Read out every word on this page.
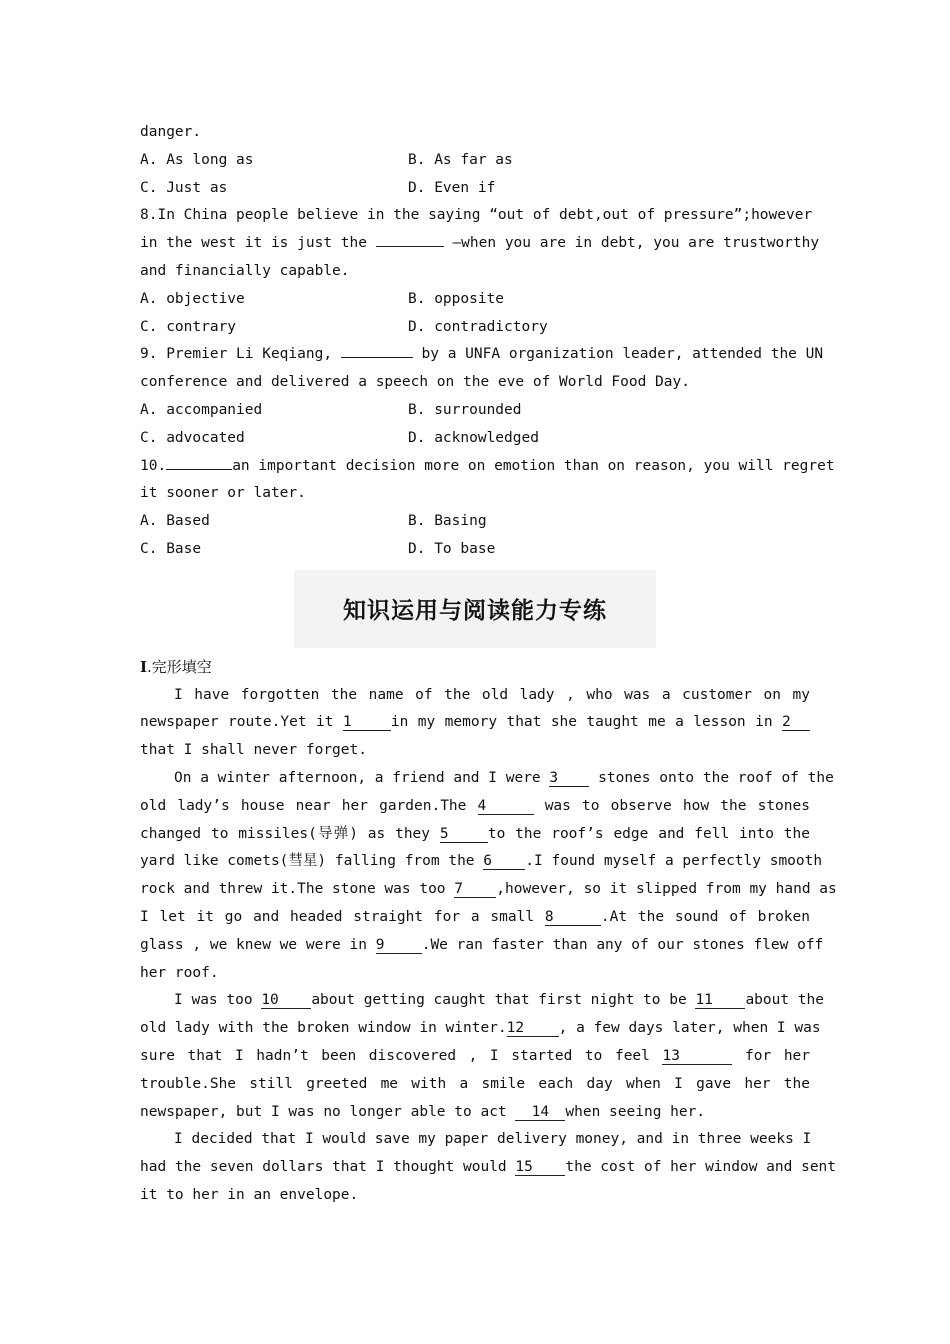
danger.
A. As long as	B. As far as
C. Just as	D. Even if
8.In China people believe in the saying “out of debt,out of pressure”;however
in the west it is just the	—when you are in debt, you are trustworthy
and financially capable.
A. objective	B. opposite
C. contrary	D. contradictory
9. Premier Li Keqiang,	by a UNFA organization leader, attended the UN
conference and delivered a speech on the eve of World Food Day.
A. accompanied	B. surrounded
C. advocated	D. acknowledged
10.	an important decision more on emotion than on reason, you will regret
it sooner or later.
A. Based	B. Basing
C. Base	D. To base
知识运用与阅读能力专练
Ⅰ.完形填空
I have forgotten the name of the old lady , who was a customer on my
newspaper route.Yet it 1	in my memory that she taught me a lesson in 2
that I shall never forget.
On a winter afternoon, a friend and I were 3	stones onto the roof of the
old lady’s house near her garden.The 4	was to observe how the stones
changed to missiles(导弹) as they 5	to the roof’s edge and fell into the
yard like comets(彗星) falling from the 6 .I found myself a perfectly smooth
rock and threw it.The stone was too 7 ,however, so it slipped from my hand as
I let it go and headed straight for a small 8	.At the sound of broken
glass , we knew we were in 9	.We ran faster than any of our stones flew off
her roof.
I was too 10 about getting caught that first night to be 11 about the
old lady with the broken window in winter.12 , a few days later, when I was
sure that I hadn’t been discovered , I started to feel 13	for her
trouble.She still greeted me with a smile each day when I gave her the
newspaper, but I was no longer able to act 14 when seeing her.
I decided that I would save my paper delivery money, and in three weeks I
had the seven dollars that I thought would 15 the cost of her window and sent
it to her in an envelope.
